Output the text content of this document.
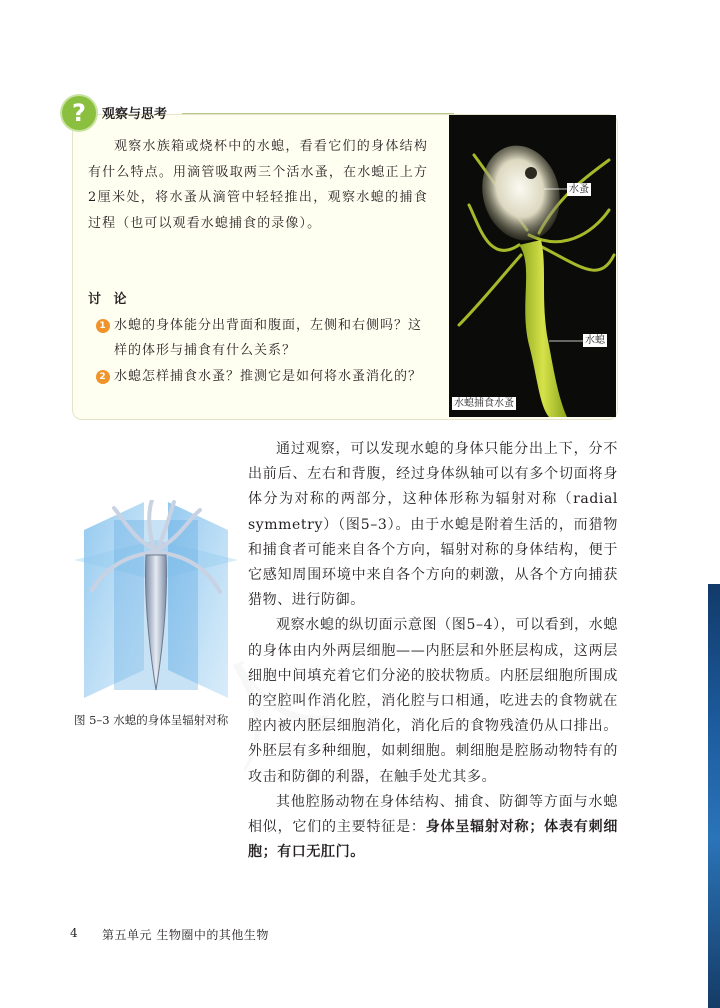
?	观察与思考

观察水族箱或烧杯中的水螅，看看它们的身体结构有什么特点。用滴管吸取两三个活水蚤，在水螅正上方2厘米处，将水蚤从滴管中轻轻推出，观察水螅的捕食过程（也可以观看水螅捕食的录像）。

讨 论
1 水螅的身体能分出背面和腹面，左侧和右侧吗？这样的体形与捕食有什么关系？
2 水螅怎样捕食水蚤？推测它是如何将水蚤消化的？
水蚤
水螅
水螅捕食水蚤

通过观察，可以发现水螅的身体只能分出上下，分不出前后、左右和背腹，经过身体纵轴可以有多个切面将身体分为对称的两部分，这种体形称为辐射对称（radial symmetry）（图5–3）。由于水螅是附着生活的，而猎物和捕食者可能来自各个方向，辐射对称的身体结构，便于它感知周围环境中来自各个方向的刺激，从各个方向捕获猎物、进行防御。

观察水螅的纵切面示意图（图5–4），可以看到，水螅的身体由内外两层细胞——内胚层和外胚层构成，这两层细胞中间填充着它们分泌的胶状物质。内胚层细胞所围成的空腔叫作消化腔，消化腔与口相通，吃进去的食物就在腔内被内胚层细胞消化，消化后的食物残渣仍从口排出。外胚层有多种细胞，如刺细胞。刺细胞是腔肠动物特有的攻击和防御的利器，在触手处尤其多。

其他腔肠动物在身体结构、捕食、防御等方面与水螅相似，它们的主要特征是：身体呈辐射对称；体表有刺细胞；有口无肛门。

图 5–3 水螅的身体呈辐射对称
4 第五单元 生物圈中的其他生物
